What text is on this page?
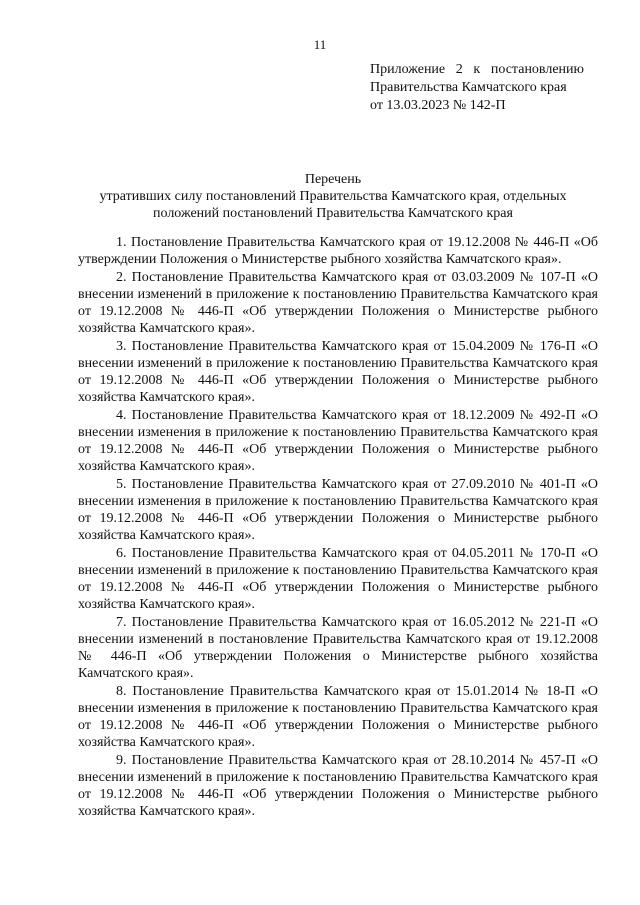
11
Приложение 2 к постановлению
Правительства Камчатского края
от 13.03.2023 № 142-П
Перечень
утративших силу постановлений Правительства Камчатского края, отдельных
положений постановлений Правительства Камчатского края

1. Постановление Правительства Камчатского края от 19.12.2008 № 446-П «Об утверждении Положения о Министерстве рыбного хозяйства Камчатского края».

2. Постановление Правительства Камчатского края от 03.03.2009 № 107-П «О внесении изменений в приложение к постановлению Правительства Камчатского края от 19.12.2008 № 446-П «Об утверждении Положения о Министерстве рыбного хозяйства Камчатского края».

3. Постановление Правительства Камчатского края от 15.04.2009 № 176-П «О внесении изменений в приложение к постановлению Правительства Камчатского края от 19.12.2008 № 446-П «Об утверждении Положения о Министерстве рыбного хозяйства Камчатского края».

4. Постановление Правительства Камчатского края от 18.12.2009 № 492-П «О внесении изменения в приложение к постановлению Правительства Камчатского края от 19.12.2008 № 446-П «Об утверждении Положения о Министерстве рыбного хозяйства Камчатского края».

5. Постановление Правительства Камчатского края от 27.09.2010 № 401-П «О внесении изменения в приложение к постановлению Правительства Камчатского края от 19.12.2008 № 446-П «Об утверждении Положения о Министерстве рыбного хозяйства Камчатского края».

6. Постановление Правительства Камчатского края от 04.05.2011 № 170-П «О внесении изменений в приложение к постановлению Правительства Камчатского края от 19.12.2008 № 446-П «Об утверждении Положения о Министерстве рыбного хозяйства Камчатского края».

7. Постановление Правительства Камчатского края от 16.05.2012 № 221-П «О внесении изменений в постановление Правительства Камчатского края от 19.12.2008 № 446-П «Об утверждении Положения о Министерстве рыбного хозяйства Камчатского края».

8. Постановление Правительства Камчатского края от 15.01.2014 № 18-П «О внесении изменения в приложение к постановлению Правительства Камчатского края от 19.12.2008 № 446-П «Об утверждении Положения о Министерстве рыбного хозяйства Камчатского края».

9. Постановление Правительства Камчатского края от 28.10.2014 № 457-П «О внесении изменений в приложение к постановлению Правительства Камчатского края от 19.12.2008 № 446-П «Об утверждении Положения о Министерстве рыбного хозяйства Камчатского края».
